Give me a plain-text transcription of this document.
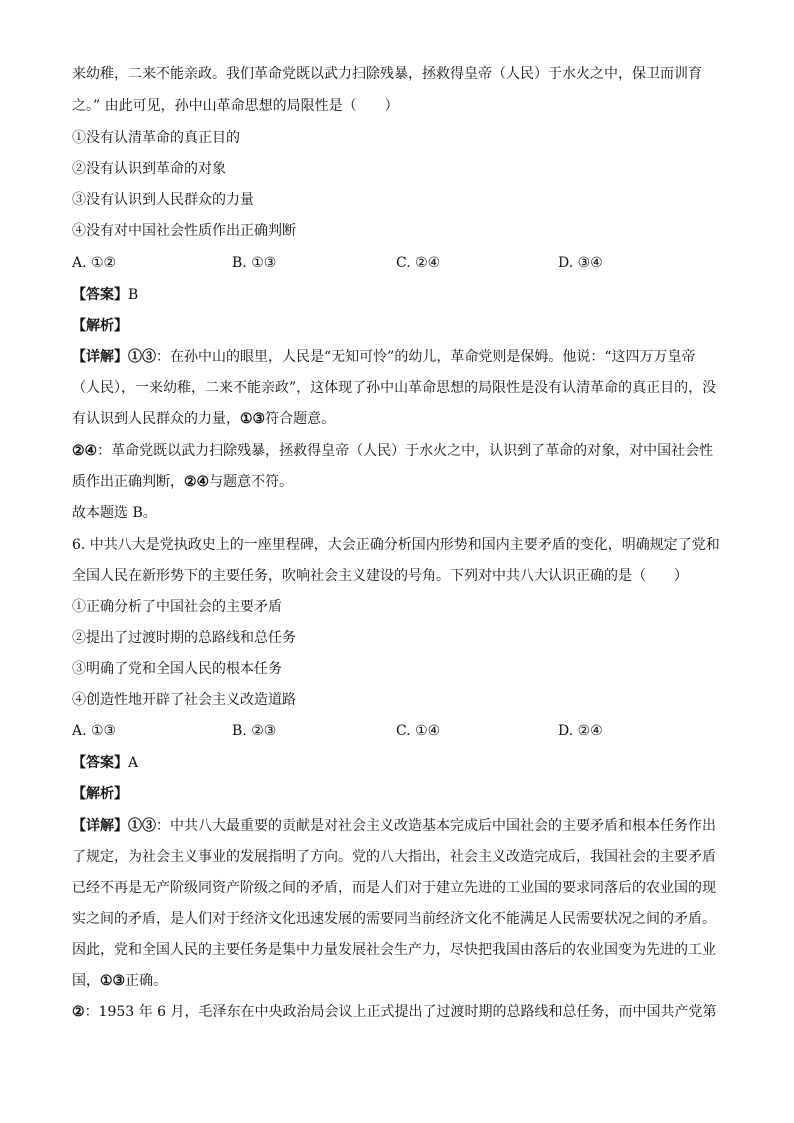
来幼稚，二来不能亲政。我们革命党既以武力扫除残暴，拯救得皇帝（人民）于水火之中，保卫而训育
之。” 由此可见，孙中山革命思想的局限性是（　　）
①没有认清革命的真正目的
②没有认识到革命的对象
③没有认识到人民群众的力量
④没有对中国社会性质作出正确判断
A. ①②	B. ①③	C. ②④	D. ③④
【答案】B
【解析】
【详解】①③：在孙中山的眼里，人民是“无知可怜”的幼儿，革命党则是保姆。他说：“这四万万皇帝
（人民），一来幼稚，二来不能亲政”，这体现了孙中山革命思想的局限性是没有认清革命的真正目的，没
有认识到人民群众的力量，①③符合题意。
②④：革命党既以武力扫除残暴，拯救得皇帝（人民）于水火之中，认识到了革命的对象，对中国社会性
质作出正确判断，②④与题意不符。
故本题选 B。
6. 中共八大是党执政史上的一座里程碑，大会正确分析国内形势和国内主要矛盾的变化，明确规定了党和
全国人民在新形势下的主要任务，吹响社会主义建设的号角。下列对中共八大认识正确的是（　　）
①正确分析了中国社会的主要矛盾
②提出了过渡时期的总路线和总任务
③明确了党和全国人民的根本任务
④创造性地开辟了社会主义改造道路
A. ①③	B. ②③	C. ①④	D. ②④
【答案】A
【解析】
【详解】①③：中共八大最重要的贡献是对社会主义改造基本完成后中国社会的主要矛盾和根本任务作出
了规定，为社会主义事业的发展指明了方向。党的八大指出，社会主义改造完成后，我国社会的主要矛盾
已经不再是无产阶级同资产阶级之间的矛盾，而是人们对于建立先进的工业国的要求同落后的农业国的现
实之间的矛盾，是人们对于经济文化迅速发展的需要同当前经济文化不能满足人民需要状况之间的矛盾。
因此，党和全国人民的主要任务是集中力量发展社会生产力，尽快把我国由落后的农业国变为先进的工业
国，①③正确。
②：1953 年 6 月，毛泽东在中央政治局会议上正式提出了过渡时期的总路线和总任务，而中国共产党第
